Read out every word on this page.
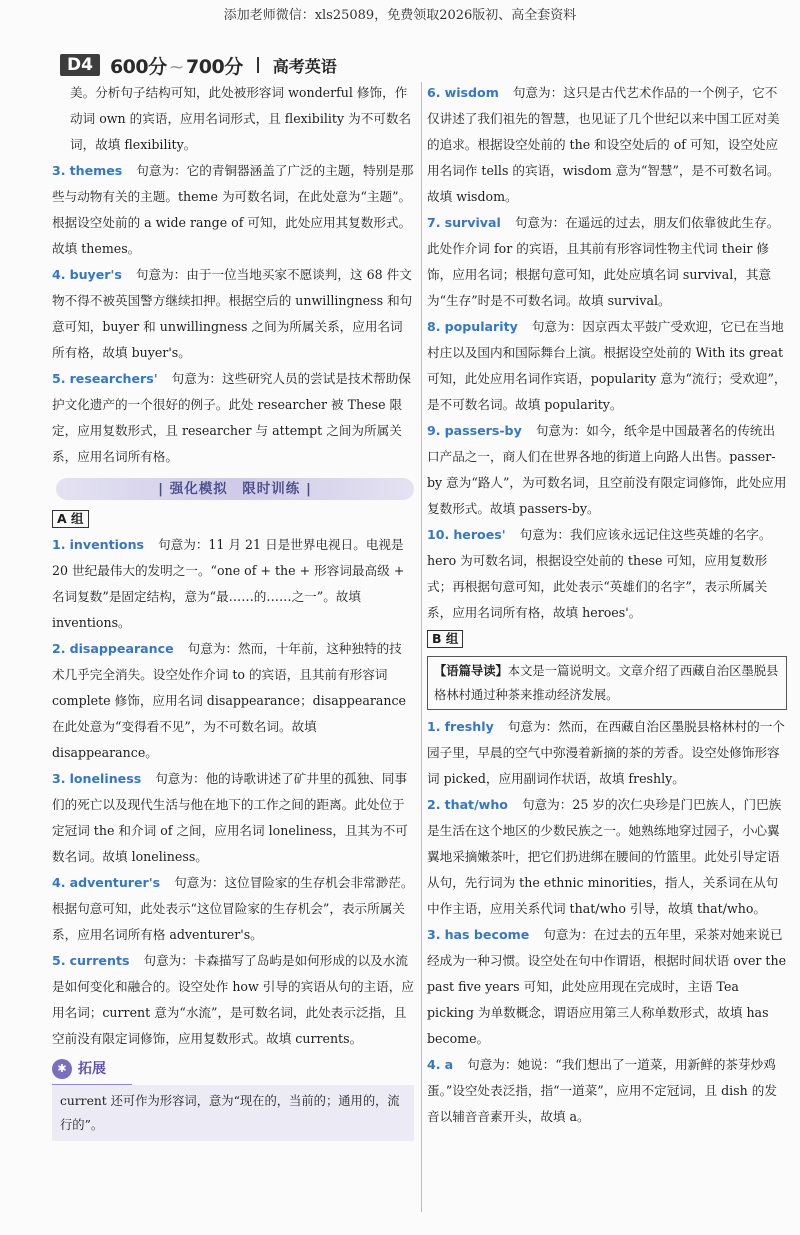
添加老师微信：xls25089，免费领取2026版初、高全套资料
D4 600分 ~ 700分 高考英语
美。分析句子结构可知，此处被形容词 wonderful 修饰，作动词 own 的宾语，应用名词形式，且 flexibility 为不可数名词，故填 flexibility。
3. themes 句意为：它的青铜器涵盖了广泛的主题，特别是那些与动物有关的主题。theme 为可数名词，在此处意为“主题”。根据设空处前的 a wide range of 可知，此处应用其复数形式。故填 themes。
4. buyer's 句意为：由于一位当地买家不愿谈判，这 68 件文物不得不被英国警方继续扣押。根据空后的 unwillingness 和句意可知，buyer 和 unwillingness 之间为所属关系，应用名词所有格，故填 buyer's。
5. researchers' 句意为：这些研究人员的尝试是技术帮助保护文化遗产的一个很好的例子。此处 researcher 被 These 限定，应用复数形式，且 researcher 与 attempt 之间为所属关系，应用名词所有格。
| 强化模拟　限时训练 |
A 组
1. inventions 句意为：11 月 21 日是世界电视日。电视是 20 世纪最伟大的发明之一。“one of + the + 形容词最高级 + 名词复数”是固定结构，意为“最……的……之一”。故填 inventions。
2. disappearance 句意为：然而，十年前，这种独特的技术几乎完全消失。设空处作介词 to 的宾语，且其前有形容词 complete 修饰，应用名词 disappearance；disappearance 在此处意为“变得看不见”，为不可数名词。故填 disappearance。
3. loneliness 句意为：他的诗歌讲述了矿井里的孤独、同事们的死亡以及现代生活与他在地下的工作之间的距离。此处位于定冠词 the 和介词 of 之间，应用名词 loneliness，且其为不可数名词。故填 loneliness。
4. adventurer's 句意为：这位冒险家的生存机会非常渺茫。根据句意可知，此处表示“这位冒险家的生存机会”，表示所属关系，应用名词所有格 adventurer's。
5. currents 句意为：卡森描写了岛屿是如何形成的以及水流是如何变化和融合的。设空处作 how 引导的宾语从句的主语，应用名词；current 意为“水流”，是可数名词，此处表示泛指，且空前没有限定词修饰，应用复数形式。故填 currents。
✱ 拓展
current 还可作为形容词，意为“现在的，当前的；通用的，流行的”。
6. wisdom 句意为：这只是古代艺术作品的一个例子，它不仅讲述了我们祖先的智慧，也见证了几个世纪以来中国工匠对美的追求。根据设空处前的 the 和设空处后的 of 可知，设空处应用名词作 tells 的宾语，wisdom 意为“智慧”，是不可数名词。故填 wisdom。
7. survival 句意为：在遥远的过去，朋友们依靠彼此生存。此处作介词 for 的宾语，且其前有形容词性物主代词 their 修饰，应用名词；根据句意可知，此处应填名词 survival，其意为“生存”时是不可数名词。故填 survival。
8. popularity 句意为：因京西太平鼓广受欢迎，它已在当地村庄以及国内和国际舞台上演。根据设空处前的 With its great 可知，此处应用名词作宾语，popularity 意为“流行；受欢迎”，是不可数名词。故填 popularity。
9. passers-by 句意为：如今，纸伞是中国最著名的传统出口产品之一，商人们在世界各地的街道上向路人出售。passer-by 意为“路人”，为可数名词，且空前没有限定词修饰，此处应用复数形式。故填 passers-by。
10. heroes' 句意为：我们应该永远记住这些英雄的名字。hero 为可数名词，根据设空处前的 these 可知，应用复数形式；再根据句意可知，此处表示“英雄们的名字”，表示所属关系，应用名词所有格，故填 heroes'。
B 组
【语篇导读】本文是一篇说明文。文章介绍了西藏自治区墨脱县格林村通过种茶来推动经济发展。
1. freshly 句意为：然而，在西藏自治区墨脱县格林村的一个园子里，早晨的空气中弥漫着新摘的茶的芳香。设空处修饰形容词 picked，应用副词作状语，故填 freshly。
2. that/who 句意为：25 岁的次仁央珍是门巴族人，门巴族是生活在这个地区的少数民族之一。她熟练地穿过园子，小心翼翼地采摘嫩茶叶，把它们扔进绑在腰间的竹篮里。此处引导定语从句，先行词为 the ethnic minorities，指人，关系词在从句中作主语，应用关系代词 that/who 引导，故填 that/who。
3. has become 句意为：在过去的五年里，采茶对她来说已经成为一种习惯。设空处在句中作谓语，根据时间状语 over the past five years 可知，此处应用现在完成时，主语 Tea picking 为单数概念，谓语应用第三人称单数形式，故填 has become。
4. a 句意为：她说：“我们想出了一道菜，用新鲜的茶芽炒鸡蛋。”设空处表泛指，指“一道菜”，应用不定冠词，且 dish 的发音以辅音音素开头，故填 a。
